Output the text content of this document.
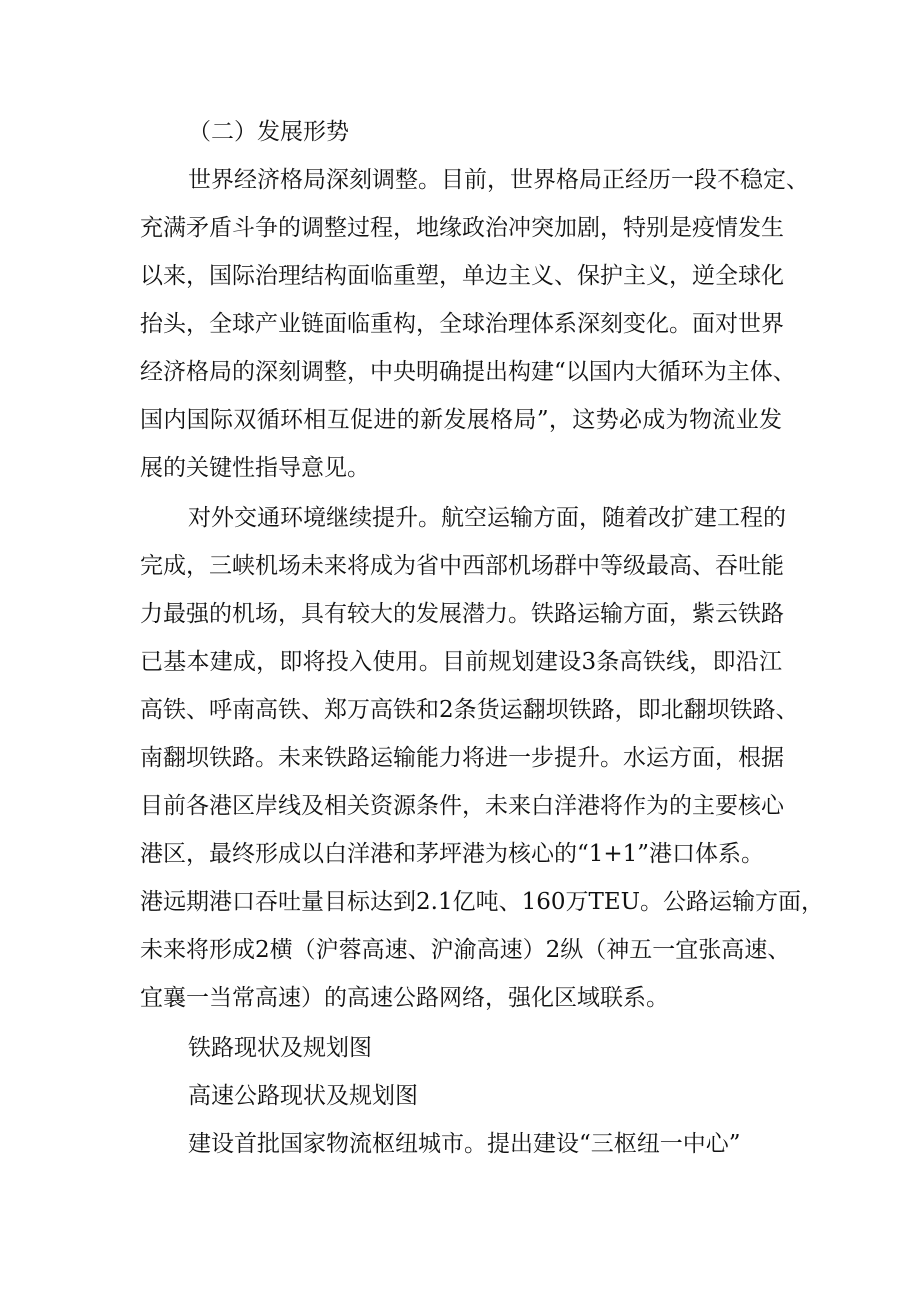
（二）发展形势
世界经济格局深刻调整。目前，世界格局正经历一段不稳定、
充满矛盾斗争的调整过程，地缘政治冲突加剧，特别是疫情发生
以来，国际治理结构面临重塑，单边主义、保护主义，逆全球化
抬头，全球产业链面临重构，全球治理体系深刻变化。面对世界
经济格局的深刻调整，中央明确提出构建“以国内大循环为主体、
国内国际双循环相互促进的新发展格局”，这势必成为物流业发
展的关键性指导意见。
对外交通环境继续提升。航空运输方面，随着改扩建工程的
完成，三峡机场未来将成为省中西部机场群中等级最高、吞吐能
力最强的机场，具有较大的发展潜力。铁路运输方面，紫云铁路
已基本建成，即将投入使用。目前规划建设3条高铁线，即沿江
高铁、呼南高铁、郑万高铁和2条货运翻坝铁路，即北翻坝铁路、
南翻坝铁路。未来铁路运输能力将进一步提升。水运方面，根据
目前各港区岸线及相关资源条件，未来白洋港将作为的主要核心
港区，最终形成以白洋港和茅坪港为核心的“1+1”港口体系。
港远期港口吞吐量目标达到2.1亿吨、160万TEU。公路运输方面，
未来将形成2横（沪蓉高速、沪渝高速）2纵（神五一宜张高速、
宜襄一当常高速）的高速公路网络，强化区域联系。
铁路现状及规划图
高速公路现状及规划图
建设首批国家物流枢纽城市。提出建设“三枢纽一中心”
